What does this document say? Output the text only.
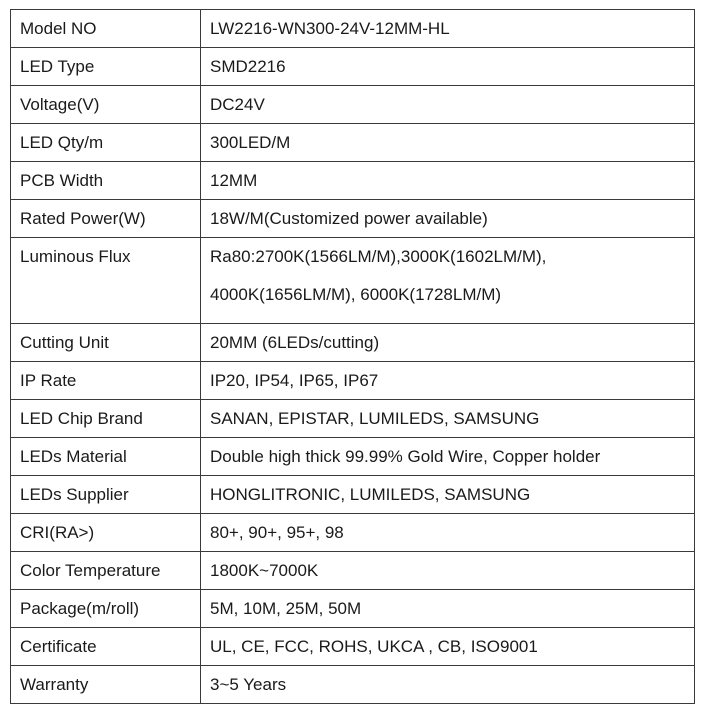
Model NO	LW2216-WN300-24V-12MM-HL
LED Type	SMD2216
Voltage(V)	DC24V
LED Qty/m	300LED/M
PCB Width	12MM
Rated Power(W)	18W/M(Customized power available)
Luminous Flux	Ra80:2700K(1566LM/M),3000K(1602LM/M),
4000K(1656LM/M), 6000K(1728LM/M)

Cutting Unit	20MM (6LEDs/cutting)
IP Rate	IP20, IP54, IP65, IP67
LED Chip Brand	SANAN, EPISTAR, LUMILEDS, SAMSUNG
LEDs Material	Double high thick 99.99% Gold Wire, Copper holder
LEDs Supplier	HONGLITRONIC, LUMILEDS, SAMSUNG
CRI(RA>)	80+, 90+, 95+, 98
Color Temperature	1800K~7000K
Package(m/roll)	5M, 10M, 25M, 50M
Certificate	UL, CE, FCC, ROHS, UKCA , CB, ISO9001
Warranty	3~5 Years
